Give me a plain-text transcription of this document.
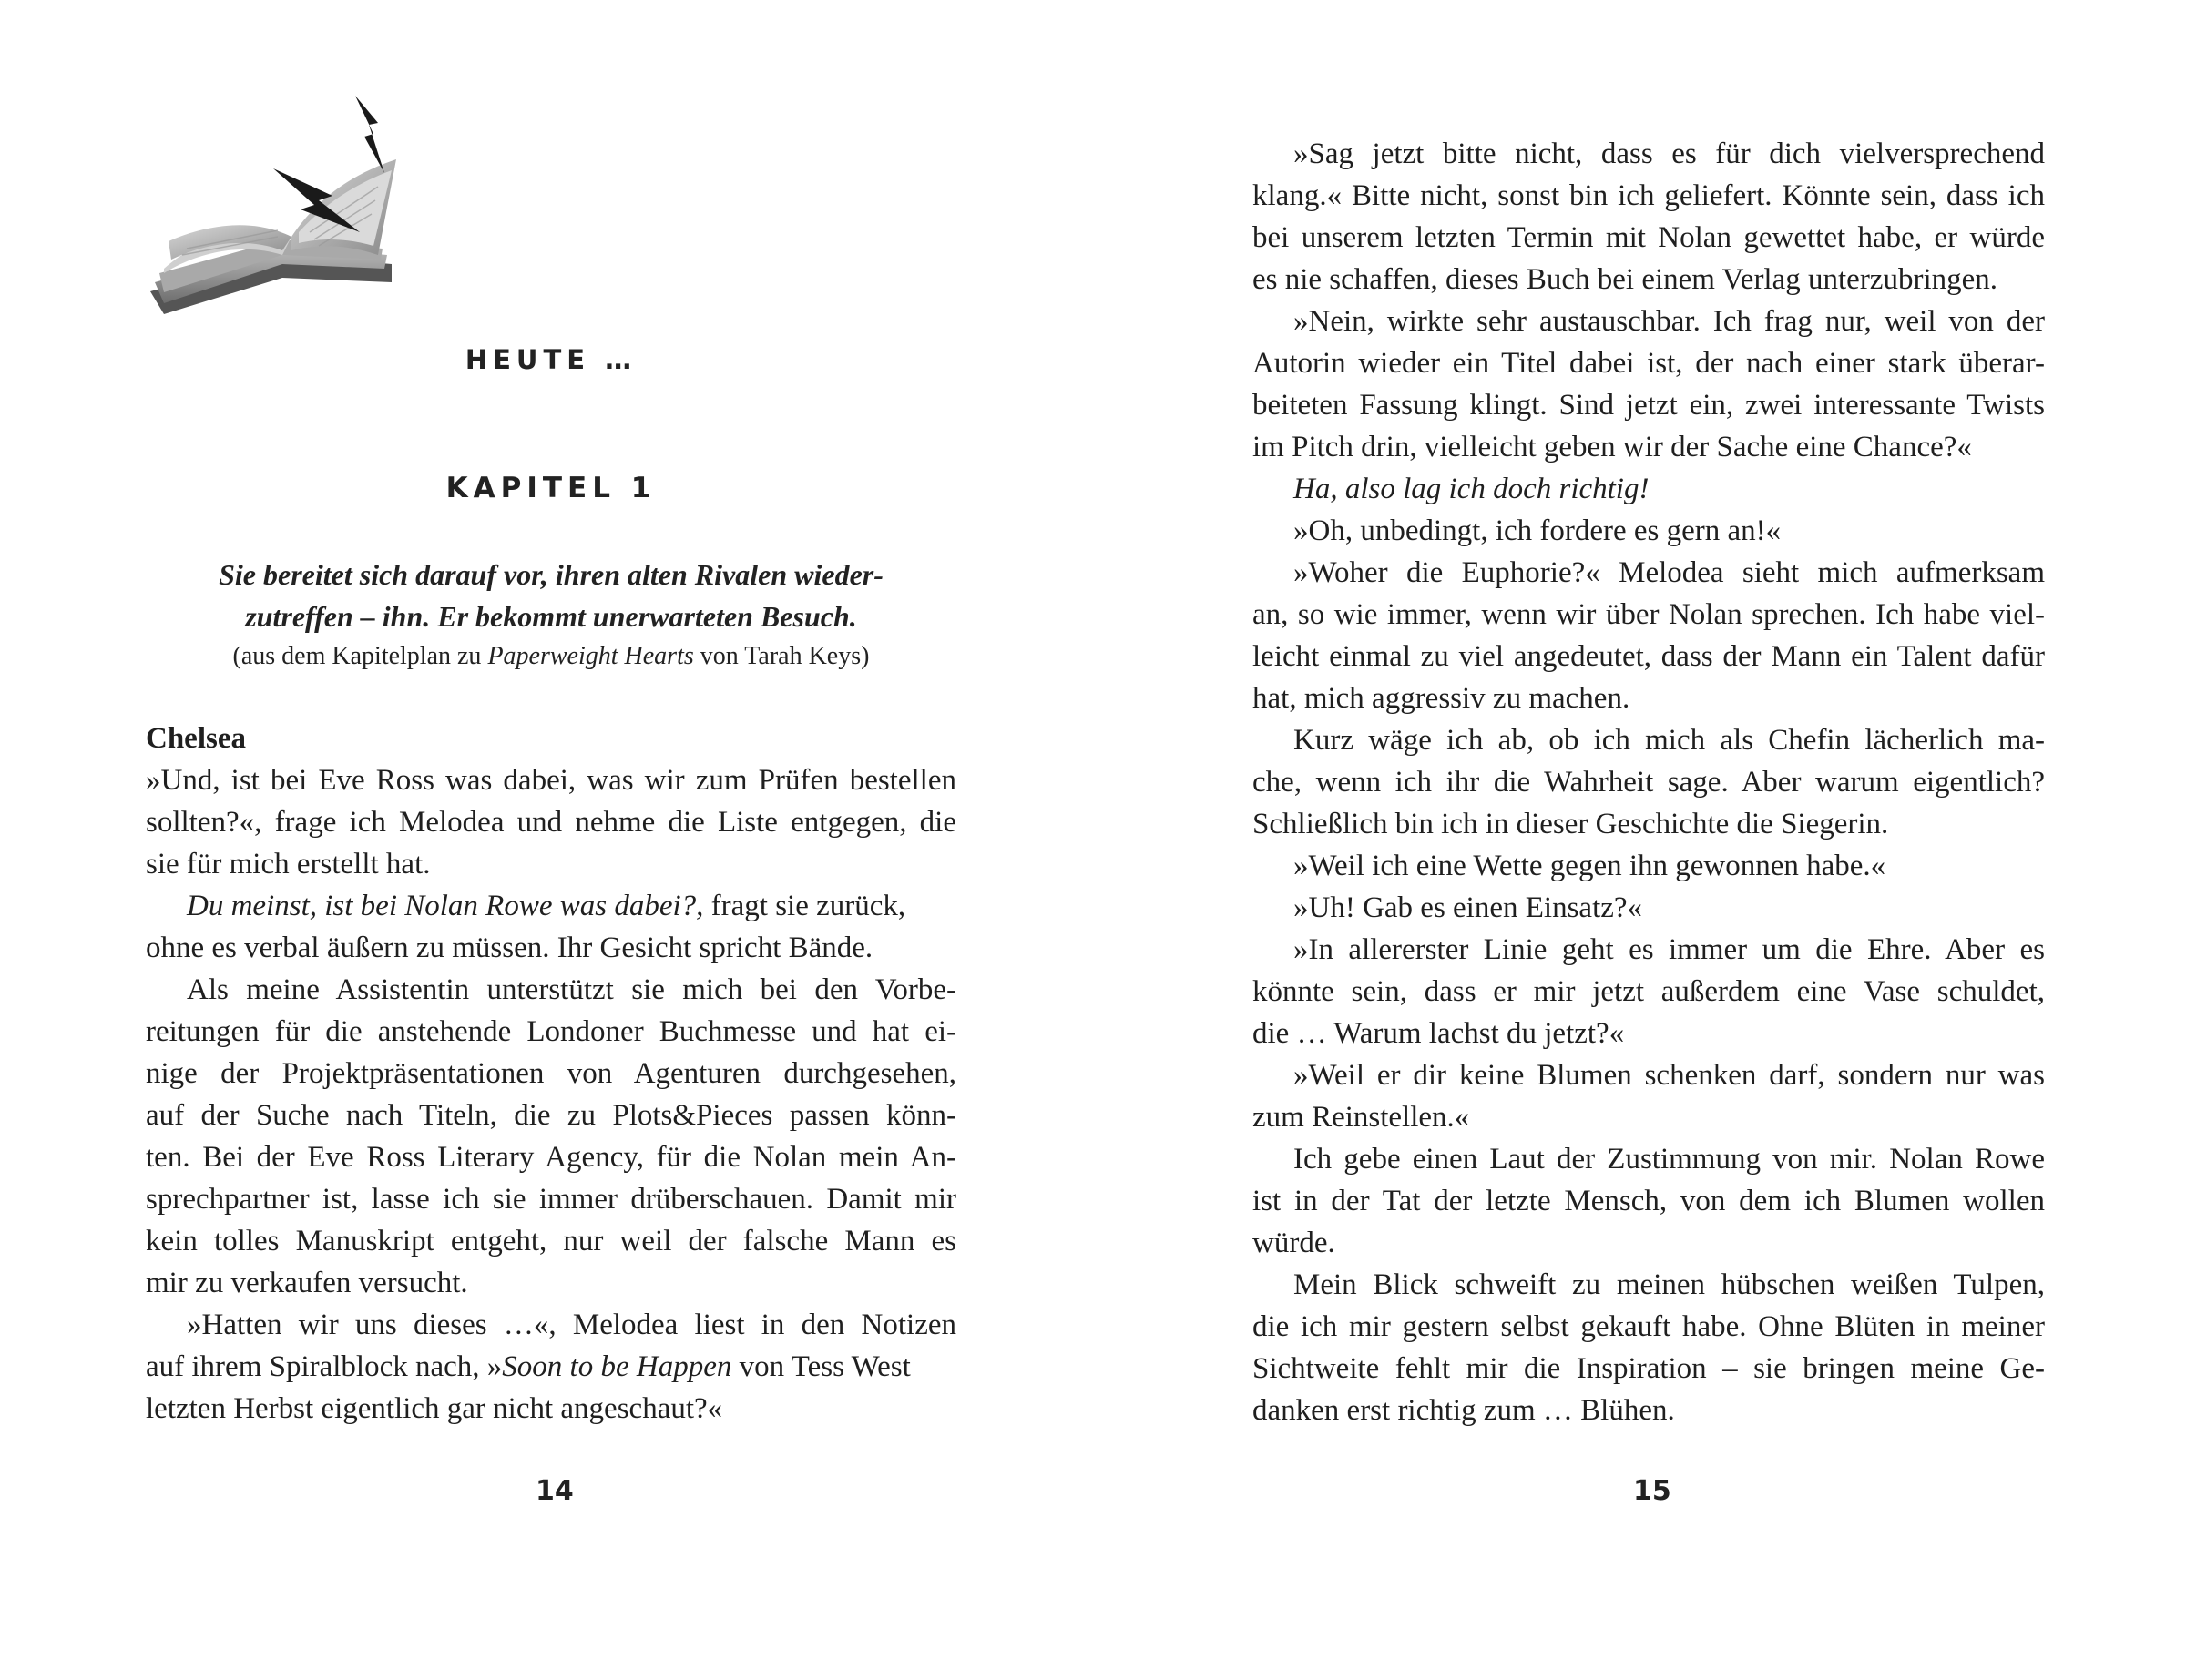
HEUTE …
KAPITEL 1
Sie bereitet sich darauf vor, ihren alten Rivalen wieder-
zutreffen – ihn. Er bekommt unerwarteten Besuch.
(aus dem Kapitelplan zu Paperweight Hearts von Tarah Keys)
Chelsea
»Und, ist bei Eve Ross was dabei, was wir zum Prüfen bestellen
sollten?«, frage ich Melodea und nehme die Liste entgegen, die
sie für mich erstellt hat.
Du meinst, ist bei Nolan Rowe was dabei?, fragt sie zurück,
ohne es verbal äußern zu müssen. Ihr Gesicht spricht Bände.
Als meine Assistentin unterstützt sie mich bei den Vorbe-
reitungen für die anstehende Londoner Buchmesse und hat ei-
nige der Projektpräsentationen von Agenturen durchgesehen,
auf der Suche nach Titeln, die zu Plots&Pieces passen könn-
ten. Bei der Eve Ross Literary Agency, für die Nolan mein An-
sprechpartner ist, lasse ich sie immer drüberschauen. Damit mir
kein tolles Manuskript entgeht, nur weil der falsche Mann es
mir zu verkaufen versucht.
»Hatten wir uns dieses …«, Melodea liest in den Notizen
auf ihrem Spiralblock nach, »Soon to be Happen von Tess West
letzten Herbst eigentlich gar nicht angeschaut?«
14
»Sag jetzt bitte nicht, dass es für dich vielversprechend
klang.« Bitte nicht, sonst bin ich geliefert. Könnte sein, dass ich
bei unserem letzten Termin mit Nolan gewettet habe, er würde
es nie schaffen, dieses Buch bei einem Verlag unterzubringen.
»Nein, wirkte sehr austauschbar. Ich frag nur, weil von der
Autorin wieder ein Titel dabei ist, der nach einer stark überar-
beiteten Fassung klingt. Sind jetzt ein, zwei interessante Twists
im Pitch drin, vielleicht geben wir der Sache eine Chance?«
Ha, also lag ich doch richtig!
»Oh, unbedingt, ich fordere es gern an!«
»Woher die Euphorie?« Melodea sieht mich aufmerksam
an, so wie immer, wenn wir über Nolan sprechen. Ich habe viel-
leicht einmal zu viel angedeutet, dass der Mann ein Talent dafür
hat, mich aggressiv zu machen.
Kurz wäge ich ab, ob ich mich als Chefin lächerlich ma-
che, wenn ich ihr die Wahrheit sage. Aber warum eigentlich?
Schließlich bin ich in dieser Geschichte die Siegerin.
»Weil ich eine Wette gegen ihn gewonnen habe.«
»Uh! Gab es einen Einsatz?«
»In allererster Linie geht es immer um die Ehre. Aber es
könnte sein, dass er mir jetzt außerdem eine Vase schuldet,
die … Warum lachst du jetzt?«
»Weil er dir keine Blumen schenken darf, sondern nur was
zum Reinstellen.«
Ich gebe einen Laut der Zustimmung von mir. Nolan Rowe
ist in der Tat der letzte Mensch, von dem ich Blumen wollen
würde.
Mein Blick schweift zu meinen hübschen weißen Tulpen,
die ich mir gestern selbst gekauft habe. Ohne Blüten in meiner
Sichtweite fehlt mir die Inspiration – sie bringen meine Ge-
danken erst richtig zum … Blühen.
15
